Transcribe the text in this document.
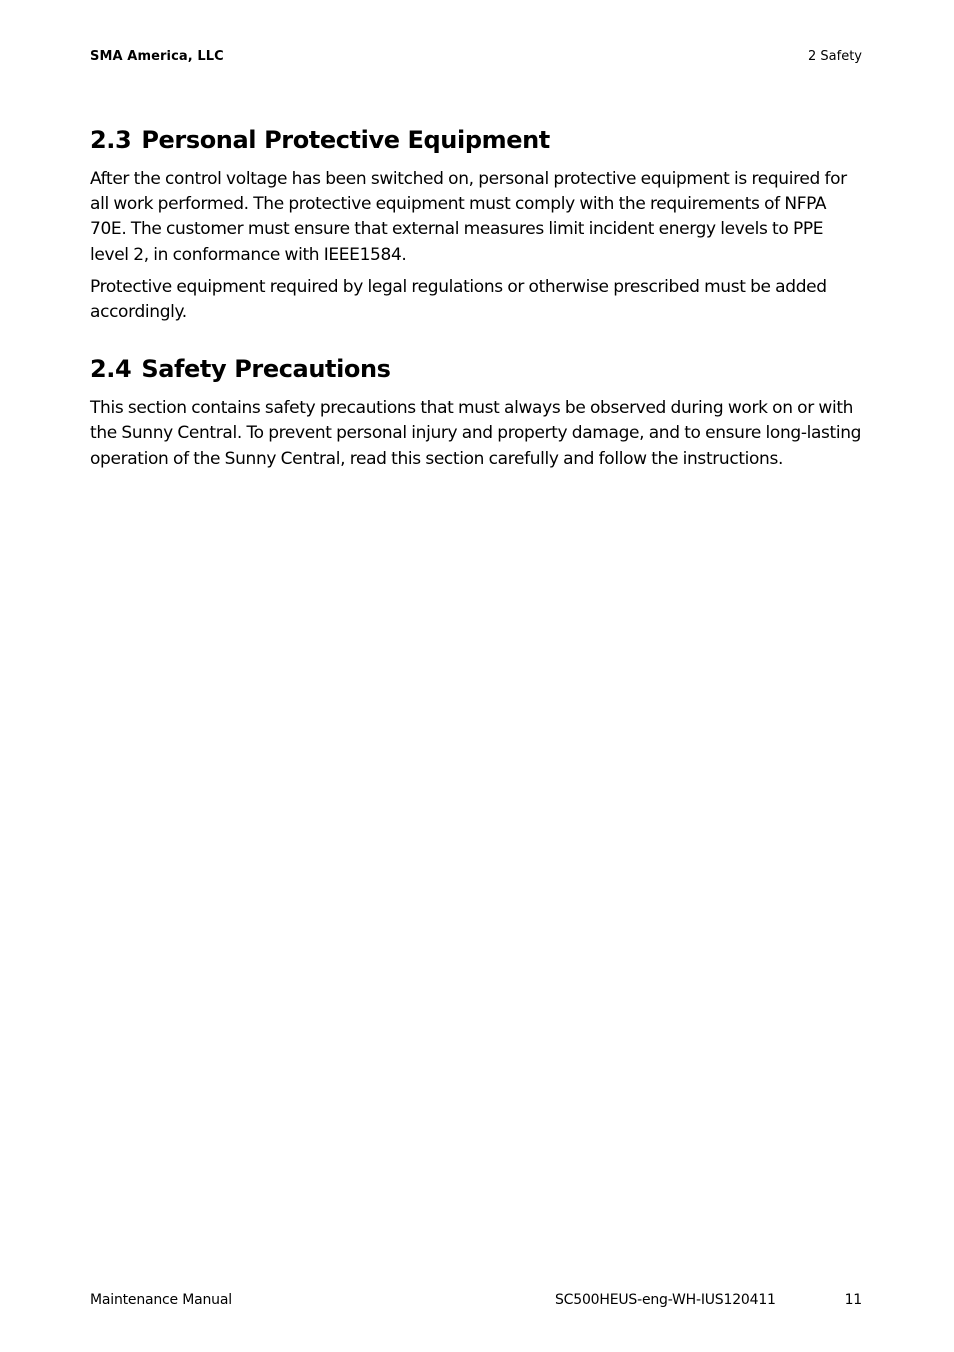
SMA America, LLC	2 Safety
2.3 Personal Protective Equipment

After the control voltage has been switched on, personal protective equipment is required for all work performed. The protective equipment must comply with the requirements of NFPA 70E. The customer must ensure that external measures limit incident energy levels to PPE level 2, in conformance with IEEE1584.

Protective equipment required by legal regulations or otherwise prescribed must be added accordingly.

2.4 Safety Precautions

This section contains safety precautions that must always be observed during work on or with the Sunny Central. To prevent personal injury and property damage, and to ensure long-lasting operation of the Sunny Central, read this section carefully and follow the instructions.

Maintenance Manual	SC500HEUS-eng-WH-IUS120411	11
